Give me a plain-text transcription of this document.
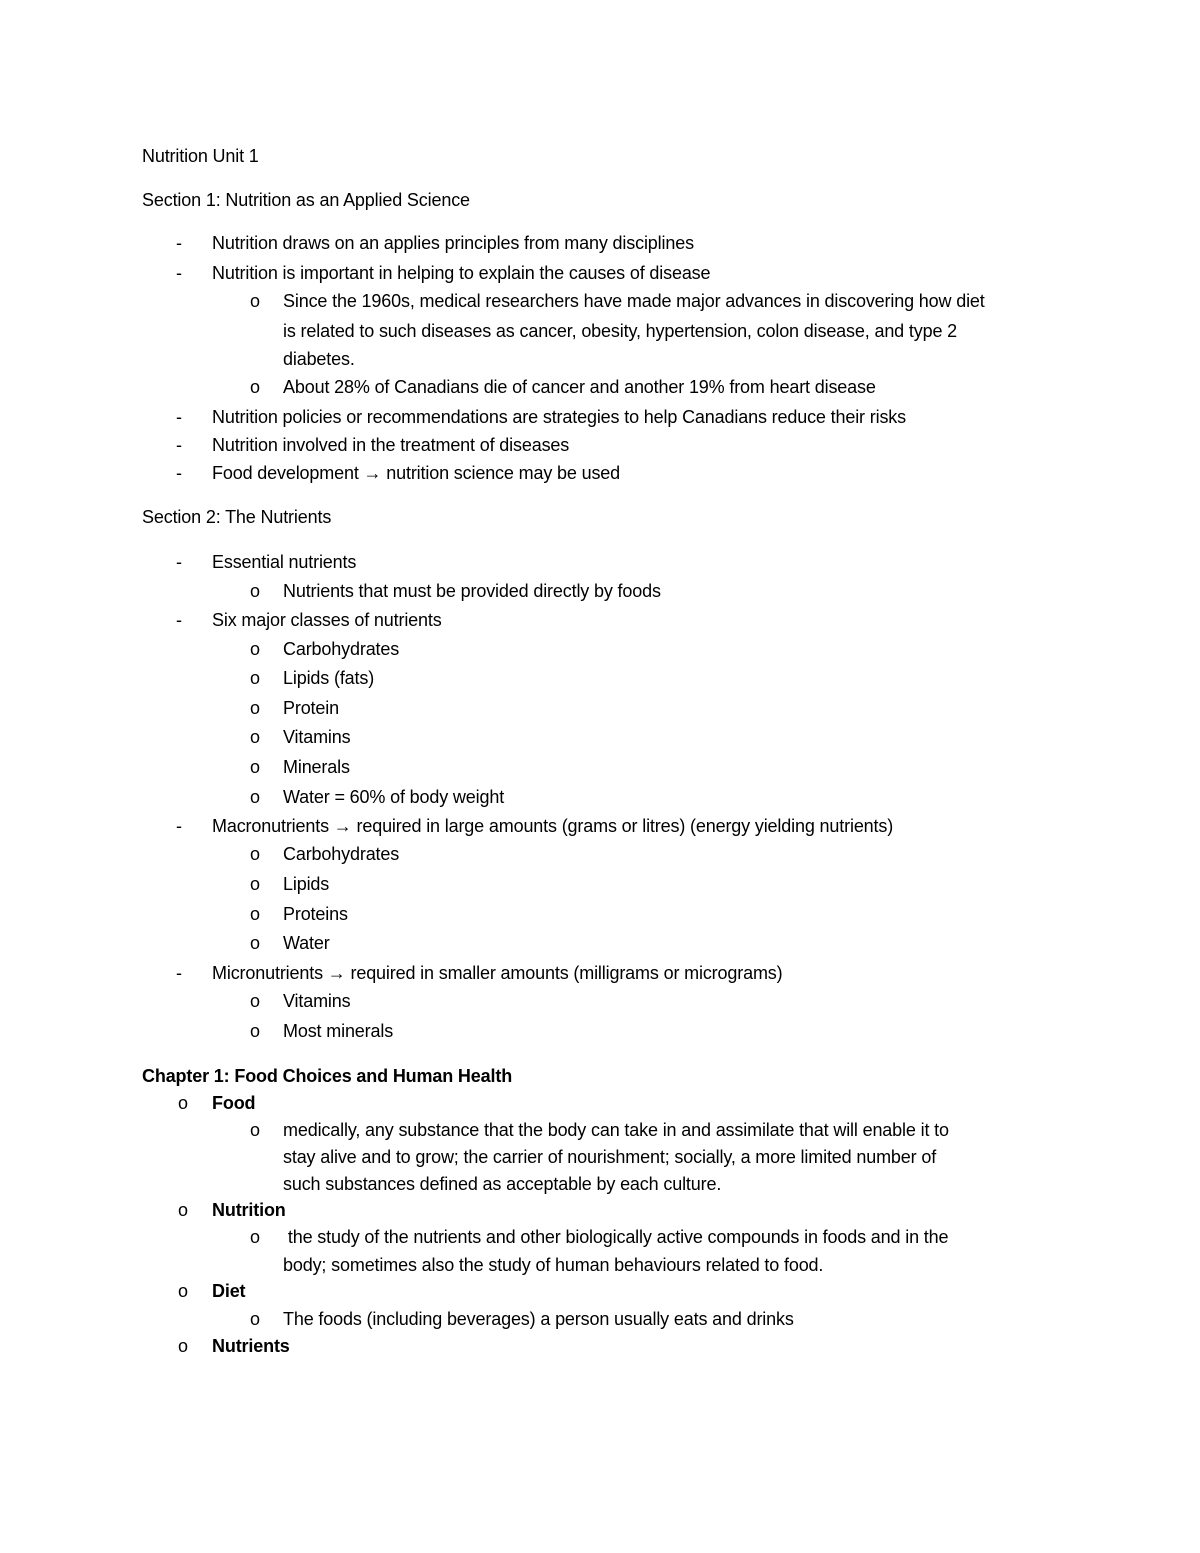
Nutrition Unit 1
Section 1: Nutrition as an Applied Science
- Nutrition draws on an applies principles from many disciplines
- Nutrition is important in helping to explain the causes of disease
o Since the 1960s, medical researchers have made major advances in discovering how diet
is related to such diseases as cancer, obesity, hypertension, colon disease, and type 2
diabetes.
o About 28% of Canadians die of cancer and another 19% from heart disease
- Nutrition policies or recommendations are strategies to help Canadians reduce their risks
- Nutrition involved in the treatment of diseases
- Food development → nutrition science may be used
Section 2: The Nutrients
- Essential nutrients
o Nutrients that must be provided directly by foods
- Six major classes of nutrients
o Carbohydrates
o Lipids (fats)
o Protein
o Vitamins
o Minerals
o Water = 60% of body weight
- Macronutrients → required in large amounts (grams or litres) (energy yielding nutrients)
o Carbohydrates
o Lipids
o Proteins
o Water
- Micronutrients → required in smaller amounts (milligrams or micrograms)
o Vitamins
o Most minerals
Chapter 1: Food Choices and Human Health
o Food
o medically, any substance that the body can take in and assimilate that will enable it to
stay alive and to grow; the carrier of nourishment; socially, a more limited number of
such substances defined as acceptable by each culture.
o Nutrition
o the study of the nutrients and other biologically active compounds in foods and in the
body; sometimes also the study of human behaviours related to food.
o Diet
o The foods (including beverages) a person usually eats and drinks
o Nutrients
